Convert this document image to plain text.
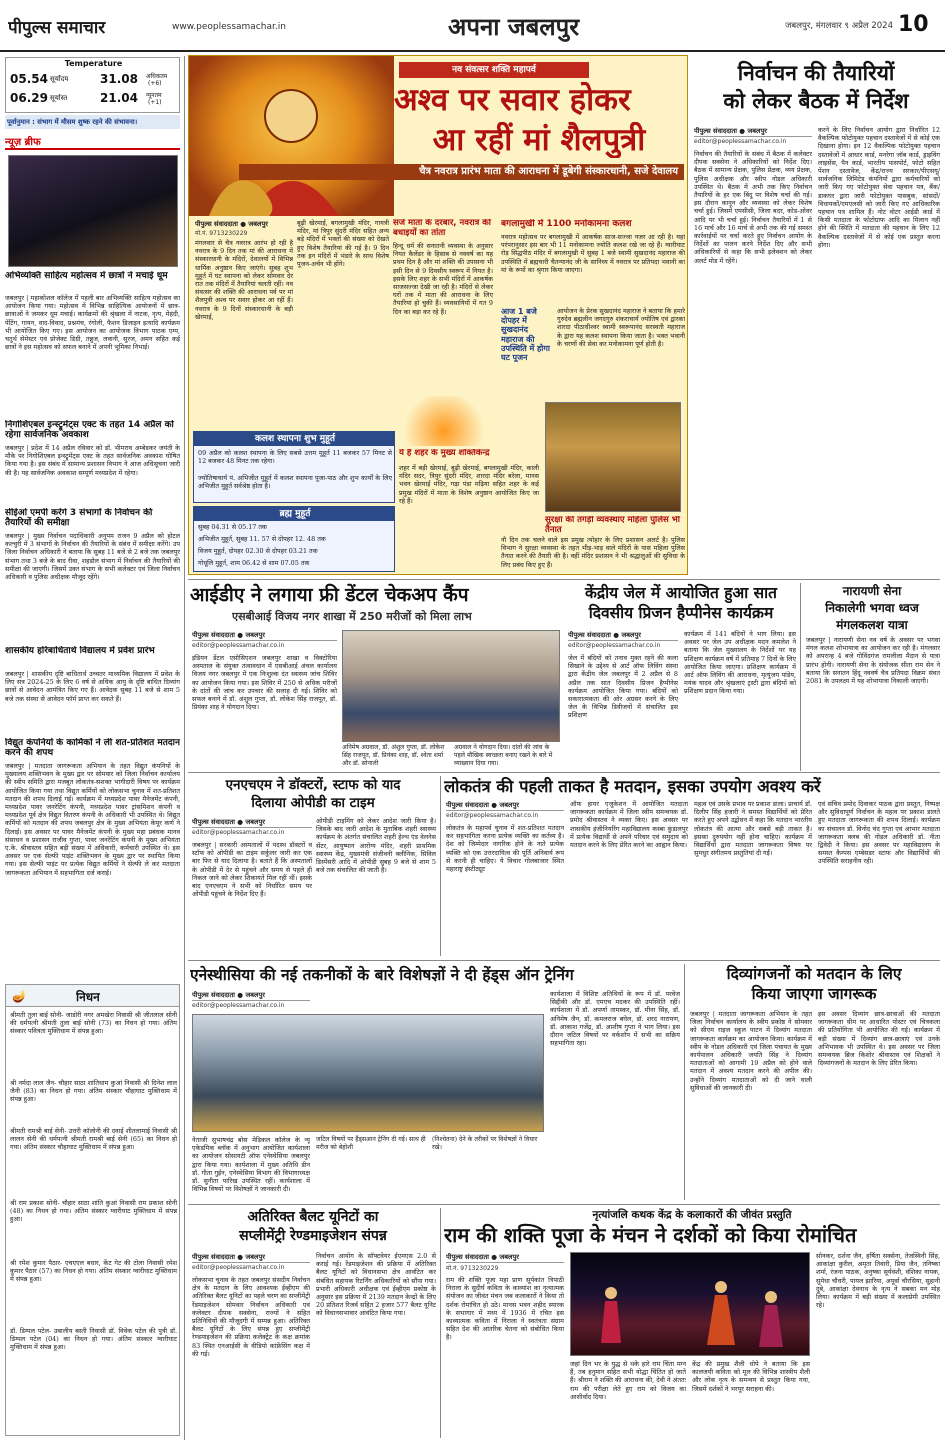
पीपुल्स समाचार	www.peoplessamachar.in	अपना जबलपुर	जबलपुर, मंगलवार ९ अप्रैल 2024 10
Temperature
05.54 सूर्योदय	31.08 अधिकतम
(+6)
06.29 सूर्यास्त	21.04 न्यूनतम
(+1)
पूर्वानुमान : संभाग में मौसम शुष्क रहने की संभावना।
न्यूज़ ब्रीफ
अभिव्यक्ति साहित्य महोत्सव में छात्रों ने मचाई धूम
जबलपुर | महाकोशल कॉलेज में पहली बार अभिव्यक्ति साहित्य महोत्सव का आयोजन किया गया। महोत्सव में विभिन्न साहित्यिक आयोजनों में छात्र-छात्राओं ने जमकर धूम मचाई। कार्यक्रमों की श्रृंखला में नाटक, नृत्य, मेहंदी, पेंटिंग, गायन, वाद-विवाद, प्रश्नमंच, रंगोली, फैशन डिजाइन इत्यादि कार्यक्रम भी आयोजित किए गए। इस आयोजन का आयोजक विभाग पाठक एम्प, चतुर्थ सेमेस्टर एवं प्रोजेक्ट डिग्री, तन्नुज, लवानी, सुरज, अमन सहित कई छात्रों ने इस महोत्सव को सफल बनाने में अपनी भूमिका निभाई।
निगोशिएबल इन्स्ट्रूमेंट्स एक्ट के तहत 14 अप्रैल को रहेगा सार्वजनिक अवकाश
जबलपुर | प्रदेश में 14 अप्रैल रविवार को डॉ. भीमराव अम्बेडकर जयंती के मौके पर निगोशिएबल इन्स्ट्रूमेंट्स एक्ट के तहत सार्वजनिक अवकाश घोषित किया गया है। इस संबंध में सामान्य प्रशासन विभाग ने आज अधिसूचना जारी की है। यह सार्वजनिक अवकाश सम्पूर्ण मध्यप्रदेश में रहेगा।
सीईओ एमपी करेंगे 3 संभागों के निर्वाचन की तैयारियों की समीक्षा
जबलपुर | मुख्य निर्वाचन पदाधिकारी अनुपम राजन 9 अप्रैल को होटल कल्चुरी में 3 संभागों के निर्वाचन की तैयारियों के संबंध में समीक्षा करेंगे। उप जिला निर्वाचन अधिकारी ने बताया कि सुबह 11 बजे से 2 बजे तक जबलपुर संभाग तथा 3 बजे के बाद रीवा, शहडोल संभाग में निर्वाचन की तैयारियों की समीक्षा की जाएगी। जिसमें उक्त संभाग के सभी कलेक्टर एवं जिला निर्वाचन अधिकारी व पुलिस अधीक्षक मौजूद रहेंगे।
शासकीय हरिबाधितार्थ विद्यालय में प्रवेश प्रारंभ
जबलपुर | शासकीय दृष्टि बाधितार्थ उच्चतर माध्यमिक विद्यालय में प्रवेश के लिए सत्र 2024-25 के लिए 6 वर्ष से अधिक आयु के दृष्टि बाधित दिव्यांग छात्रों से आवेदन आमंत्रित किए गए हैं। आवेदक सुबह 11 बजे से शाम 5 बजे तक संस्था से आवेदन फॉर्म प्राप्त कर सकते हैं।
विद्युत कंपनियों के कार्मिकों ने ली शत-प्रतिशत मतदान करने की शपथ
जबलपुर | मतदाता जागरूकता अभियान के तहत विद्युत कंपनियों के मुख्यालय शक्तिभवन के मुख्य द्वार पर सोमवार को जिला निर्वाचन कार्यालय की स्वीप समिति द्वारा मजबूत लोकतंत्र-सशक्त भागीदारी विषय पर कार्यक्रम आयोजित किया गया तथा विद्युत कर्मियों को लोकसभा चुनाव में शत-प्रतिशत मतदान की शपथ दिलाई गई। कार्यक्रम में मध्यप्रदेश पावर मैनेजमेंट कंपनी, मध्यप्रदेश पावर जनरेटिंग कंपनी, मध्यप्रदेश पावर ट्रांसमिशन कंपनी व मध्यप्रदेश पूर्व क्षेत्र विद्युत वितरण कंपनी के अधिकारी भी उपस्थित थे। विद्युत कर्मियों को मतदान की शपथ जबलपुर क्षेत्र के मुख्य अभियंता केयूर कर्ण ने दिलाई। इस अवसर पर पावर मैनेजमेंट कंपनी के मुख्य महा प्रबंधक मानव संसाधन व प्रशासन राजीव गुप्ता, पावर जनरेटिंग कंपनी के मुख्य अभियंता ए.के. श्रीवास्तव सहित बड़ी संख्या में अधिकारी, कर्मचारी उपस्थित थे। इस अवसर पर एक सेल्फी पाइंट शक्तिभवन के मुख्य द्वार पर स्थापित किया गया। इस सेल्फी पाइंट पर प्रत्येक विद्युत कर्मियों ने सेल्फी ले कर मतदाता जागरूकता अभियान में सहभागिता दर्ज कराई।
🪔	निधन
श्रीमती तुला बाई सोनी- जाडोरी नगर अमखेरा निवासी श्री जीतलाल सोनी की धर्मपत्नी श्रीमती तुला बाई सोनी (73) का निधन हो गया। अंतिम संस्कार पवित्रता मुक्तिधाम में संपन्न हुआ।
श्री नर्मदा लाल जैन- चौहार साठा शांतिधाम कुआं निवासी श्री दिनेश लाल जैनी (83) का निधन हो गया। अंतिम संस्कार चौहाघाट मुक्तिधाम में संपन्न हुआ।
श्रीमती रामश्री बाई सेनी- उत्तरी कॉलोनी की दवाई शीतलामाई निवासी श्री लालन सेनी की धर्मपत्नी श्रीमती रामश्री बाई सेनी (65) का निधन हो गया। अंतिम संस्कार चौहाघाट मुक्तिधाम में संपन्न हुआ।
श्री राम प्रकाश सोनी- चौहार साठा शांति कुआं निवासी राम प्रकाश सोनी (48) का निधन हो गया। अंतिम संस्कार ग्वारीघाट मुक्तिधाम में संपन्न हुआ।
श्री रमेश कुमार पैठार- एचएएल बधार, केंट गेट की टोला निवासी रमेश कुमार पैठार (57) का निधन हो गया। अंतिम संस्कार ग्वारीघाट मुक्तिधाम में संपन्न हुआ।
डॉ. डिम्पल पटेल- उबालीय बस्ती निवासी डॉ. विवेक पटेल की पुत्री डॉ. डिम्पल पटेल (04) का निधन हो गया। अंतिम संस्कार ग्वारीघाट मुक्तिधाम में संपन्न हुआ।
नव संवत्सर शक्ति महापर्व
अश्व पर सवार होकर
आ रहीं मां शैलपुत्री
चैत्र नवरात्र प्रारंभ माता की आराधना में डूबेगी संस्कारधानी, सजे देवालय
पीपुल्स संवाददाता ● जबलपुर
मो.नं. 9713230229
मंगलवार से चैत्र नवरात्र आरंभ हो रही है नवरात्र के 9 दिन तक मां की आराधना में संस्कारधानी के मंदिरों, देवालयों में विभिन्न धार्मिक अनुष्ठान किए जाएंगे। सुबह शुभ मुहूर्त में घट स्थापना को लेकर सोमवार देर रात तक मंदिरों में तैयारियां चलती रहीं। नव संवत्सर की शक्ति की आराधना पर्व पर मां शैलपुत्री अश्व पर सवार होकर आ रहीं हैं। नवरात्र के 9 दिनों संस्कारधानी के बड़ी खेरमाई,
बूढ़ी खेरमाई, बगलामुखी मंदिर, गायत्री मंदिर, मां त्रिपुर सुंदरी मंदिर सहित अन्य बड़े मंदिरों में भक्तों की संख्या को देखते हुए विशेष तैयारियां की गई है। 9 दिन तक इन मंदिरों में भंडारे के साथ विशेष पूजन-अर्चन भी होंगे।
सजे माता के दरबार, नवरात्र की बधाइयों का तांता
हिन्दू धर्म की सनातनी व्यवस्था के अनुसार नियत कैलेंडर के हिसाब से नववर्ष का यह प्रथम दिन है और मां शक्ति की उपासना भी इसी दिन से 9 दिवसीय स्वरूप में नियत है। इसके लिए शहर के सभी मंदिरों में आकर्षक साजसज्जा देखी जा रही है। मंदिरों से लेकर घरों तक में माता की आराधना के लिए तैयारियां हो चुकी हैं। व्यवसायियों में गत 9 दिन का बड़ा कर रहे हैं।
कलश स्थापना शुभ मुहूर्त
09 अप्रैल को कलश स्थापना के लिए सबसे उत्तम मुहूर्त 11 बजकर 57 मिनट से 12 बजकर 48 मिनट तक रहेगा।
ज्योतिषाचार्य पं. अभिजीत मुहूर्त में कलश स्थापना पूजा-पाठ और शुभ कार्यों के लिए अभिजीत मुहूर्त सर्वश्रेष्ठ होता है।
ब्रह्म मुहूर्त
सुबह 04.31 से 05.17 तक
अभिजीत मुहूर्त, सुबह 11. 57 से दोपहर 12. 48 तक
विजय मुहूर्त, दोपहर 02.30 से दोपहर 03.21 तक
गोधूलि मुहूर्त, शाम 06.42 से शाम 07.05 तक
ये है शहर के मुख्य शक्तिकेन्द्र
शहर में बड़ी खेरमाई, बूढ़ी खेरमाई, बगलामुखी मंदिर, काली मंदिर सदर, त्रिपुर सुंदरी मंदिर, शारदा मंदिर बरेला, मानस भवन खेरमाई मंदिर, गढ़ा पंडा मढ़िया सहित शहर के कई प्रमुख मंदिरों में माता के विशेष अनुष्ठान आयोजित किए जा रहे हैं।
बगलामुखी में 1100 मनोकामना कलश
नवरात्र महोत्सव पर बगलामुखी में आकर्षक साज-सज्जा नजर आ रही है। यहां परंपरानुसार इस बार भी 11 मनोकामना ज्योति कलश रखे जा रहे हैं। ग्वारीघाट रोड़ सिद्धपीठ मंदिर में बगलामुखी में सुबह 1 बजे स्वामी सुखदानंद महाराज की उपस्थिति में ब्रह्मचारी चैतन्यानंद जी के सानिध्य में नवरात्र पर प्रतिपदा भवानी का मां के रूपों का श्रृंगार किया जाएगा।
आज 1 बजे दोपहर में सुखदानंद महाराज की उपस्थिति में होगा घट पूजन
आयोजन के प्रेरक सुखदानंद महाराज ने बताया कि हमारे गुरुदेव ब्रह्मलीन जगदगुरु शंकराचार्य ज्योतिष एवं द्वारका शारदा पीठाधीश्वर स्वामी स्वरूपानंद सरस्वती महाराज के द्वारा यह कलश स्थापना किया जाता है। भक्त भवानी के चरणों की सेवा कर मनोकामना पूर्ण होती है।
सुरक्षा की तगड़ी व्यवस्थाएं महिला पुलिस भी तैनात
नौ दिन तक चलने वाले इस प्रमुख त्योहार के लिए प्रशासन अलर्ट है। पुलिस विभाग ने सुरक्षा व्यवस्था के तहत भीड़-भाड़ वाले मंदिरों के पास महिला पुलिस तैनात करने की तैयारी की है। वहीं मंदिर प्रशासन ने भी श्रद्धालुओं की सुविधा के लिए प्रबंध किए हुए हैं।
निर्वाचन की तैयारियों
को लेकर बैठक में निर्देश
पीपुल्स संवाददाता ● जबलपुर
editor@peoplessamachar.co.in
निर्वाचन की तैयारियों के संबंध में बैठक में कलेक्टर दीपक सक्सेना ने अधिकारियों को निर्देश दिए। बैठक में सामान्य प्रेक्षक, पुलिस प्रेक्षक, व्यय प्रेक्षक, पुलिस अधीक्षक और स्वीप नोडल अधिकारी उपस्थित थे। बैठक में अभी तक किए निर्वाचन तैयारियों के हर एक बिंदु पर विशेष चर्चा की गई। इस दौरान कानून और व्यवस्था को लेकर विशेष चर्चा हुई। जिसमें एमसीसी, जिला बदर, कोड-ओवर आदि पर भी चर्चा हुई। निर्वाचन तैयारियों में 1 से 16 मार्च और 16 मार्च से अभी तक की गई समस्त कार्रवाईयों पर चर्चा करते हुए निर्वाचन आयोग के निर्देशों का पालन करने निर्देश दिए और सभी अधिकारियों से कहा कि सभी इलेक्शन को लेकर अलर्ट मोड में रहेंगे।
करने के लिए निर्वाचन आयोग द्वारा निर्धारित 12 वैकल्पिक फोटोयुक्त पहचान दस्तावेजों में से कोई एक दिखाना होगा। इन 12 वैकल्पिक फोटोयुक्त पहचान दस्तावेजों में आधार कार्ड, मनरेगा जॉब कार्ड, ड्राइविंग लाइसेंस, पैन कार्ड, भारतीय पासपोर्ट, फोटो सहित पेंशन दस्तावेज, केंद्र/राज्य सरकार/पीएसयू/सार्वजनिक लिमिटेड कंपनियों द्वारा कर्मचारियों को जारी किए गए फोटोयुक्त सेवा पहचान पत्र, बैंक/डाकघर द्वारा जारी फोटोयुक्त पासबुक, सांसदों/विधायकों/एमएलसी को जारी किए गए आधिकारिक पहचान पत्र शामिल हैं। नोट वोटर आईडी कार्ड में किसी मतदाता के फोटोग्राफ आदि का मिलान नहीं होने की स्थिति में मतदाता की पहचान के लिए 12 वैकल्पिक दस्तावेजों में से कोई एक प्रस्तुत करना होगा।
आईडीए ने लगाया फ्री डेंटल चेकअप कैंप
एसबीआई विजय नगर शाखा में 250 मरीजों को मिला लाभ
पीपुल्स संवाददाता ● जबलपुर
editor@peoplessamachar.co.in
इंडियन डेंटल एसोसिएशन जबलपुर शाखा व विक्टोरिया अस्पताल के संयुक्त तत्वावधान में एसबीआई अंचल कार्यालय विजय नगर जबलपुर में एक निःशुल्क दंत स्वास्थ्य जांच शिविर का आयोजन किया गया। इस शिविर में 250 से अधिक मरीजों के दांतों की जांच कर उपचार की सलाह दी गई। शिविर को सफल बनाने में डॉ. अंशुल गुप्ता, डॉ. लोकेश सिंह राजपूत, डॉ. प्रियंका शाह ने योगदान दिया।
अनिमेष अग्रवाल, डॉ. अंशुल गुप्ता, डॉ. लोकेश सिंह राजपूत, डॉ. प्रियंका शाह, डॉ. श्वेता शर्मा और डॉ. सोनाली
अग्रवाल ने योगदान दिया। दांतों की जांच के पहले मौखिक स्वच्छता बनाए रखने के बारे में व्याख्यान दिया गया।
केंद्रीय जेल में आयोजित हुआ सात
दिवसीय प्रिजन हैप्पीनेस कार्यक्रम
पीपुल्स संवाददाता ● जबलपुर
editor@peoplessamachar.co.in
जेल में बंदियों को तनाव मुक्त रहने की कला सिखाने के उद्देश्य से आर्ट ऑफ लिविंग संस्था द्वारा केंद्रीय जेल जबलपुर में 2 अप्रैल से 8 अप्रैल तक सात दिवसीय प्रिजन हैप्पीनेस कार्यक्रम आयोजित किया गया। बंदियों को सकारात्मकता की ओर अग्रसर करने के लिए जेल के विभिन्न डिवीजनों में संचालित इस प्रशिक्षण
कार्यक्रम में 141 बंदियों ने भाग लिया। इस अवसर पर जेल उप अधीक्षक मदन कमलेश ने बताया कि जेल मुख्यालय के निर्देशों पर यह प्रशिक्षण कार्यक्रम वर्ष में प्रतिमाह 7 दिनों के लिए आयोजित किया जाएगा। प्रशिक्षण कार्यक्रम में आर्ट ऑफ लिविंग की आराधना, मृत्युंजय पांडेय, मयंक यादव और श्रृंखलाएं ट्रस्टी द्वारा बंदियों को प्रशिक्षण प्रदान किया गया।
नारायणी सेना
निकालेगी भगवा ध्वज
मंगलकलश यात्रा
जबलपुर | नारायणी सेना नव वर्ष के अवसर पर भगवा मंगल कलश शोभायात्रा का आयोजन कर रही है। मंगलवार को अपरान्ह 4 बजे गोविंदगंज रामलीला मैदान से यात्रा प्रारंभ होगी। नारायणी सेना के संयोजक सीता राम सेन ने बताया कि सनातन हिंदू नववर्ष चैत्र प्रतिपदा विक्रम संवत 2081 के उपलक्ष्य में यह शोभायात्रा निकाली जाएगी।
एनएचएम ने डॉक्टरों, स्टाफ को याद
दिलाया ओपीडी का टाइम
पीपुल्स संवाददाता ● जबलपुर
editor@peoplessamachar.co.in
जबलपुर | सरकारी अस्पतालों में पदस्थ डॉक्टरों व स्टॉफ को ओपीडी का टाइम सर्कुलर जारी कर एक बार फिर से याद दिलाया है। बताते हैं कि अस्पतालों के ओपीडी में देर से पहुंचने और समय से पहले ही निकल जाने को लेकर शिकायतें मिल रहीं थीं। इसके बाद एनएचएम ने सभी को निर्धारित समय पर ओपीडी पहुंचने के निर्देश दिए हैं।
ओपीडी टाइमिंग को लेकर आदेश जारी किया है। जिसके बाद जारी आदेश के मुताबिक शहरी स्वास्थ्य कार्यक्रम के अंतर्गत संचालित शहरी हेल्थ एंड वेलनेस सेंटर, आयुष्मान आरोग्य मंदिर, शहरी प्राथमिक स्वास्थ्य केंद्र, मुख्यमंत्री संजीवनी क्लीनिक, सिविल डिस्पेंसरी आदि में ओपीडी सुबह 9 बजे से शाम 5 बजे तक संचालित की जाती है।
लोकतंत्र की पहली ताकत है मतदान, इसका उपयोग अवश्य करें
पीपुल्स संवाददाता ● जबलपुर
editor@peoplessamachar.co.in
लोकतंत्र के महापर्व चुनाव में शत-प्रतिशत मतदान कर सहभागिता करना प्रत्येक व्यक्ति का कर्तव्य है। देश को जिम्मेदार नागरिक होने के नाते प्रत्येक व्यक्ति को एक उत्तरदायित्व की पूर्ति अनिवार्य रूप से करनी ही चाहिए। ये विचार गोलबाजार स्थित महाराष्ट्र इंस्टीट्यूट
ऑफ हायर एजुकेशन में आयोजित मतदाता जागरूकता कार्यक्रम में जिला स्वीप समन्वयक डॉ. प्रमोद श्रीवास्तव ने व्यक्त किए। इस अवसर पर शासकीय इंजीनियरिंग महाविद्यालय कस्बा कुंडालपुर में प्रत्येक विद्यार्थी से अपने परिवार एवं समुदाय को मतदान करने के लिए प्रेरित करने का आह्वान किया।
महत्व एवं उसके प्रभाव पर प्रकाश डाला। प्राचार्य डॉ. दिलीप सिंह हजारी ने समस्त विद्यार्थियों को प्रेरित करते हुए अपने उद्बोधन में कहा कि मतदान भारतीय लोकतंत्र की आत्मा और सबसे बड़ी ताकत है। इसका दुरुपयोग नहीं होना चाहिए। कार्यक्रम में विद्यार्थियों द्वारा मतदाता जागरूकता विषय पर सुमधुर संगीतमय प्रस्तुतियां दी गईं।
एवं संचिव प्रमोद दिवाकर पाठक द्वारा प्रस्तुत, निष्पक्ष और सुविधापूर्ण निर्वाचन के महत्व पर प्रकाश डालते हुए मतदाता जागरूकता की शपथ दिलाई। कार्यक्रम का संचालन डॉ. विनोद चंद गुप्ता एवं आभार मतदाता जागरूकता क्लब की नोडल अधिकारी डॉ. नीता द्विवेदी ने किया। इस अवसर पर महाविद्यालय के समस्त कैम्पस एम्बेसडर स्टाफ और विद्यार्थियों की उपस्थिति सराहनीय रही।
एनेस्थीसिया की नई तकनीकों के बारे विशेषज्ञों ने दी हेंड्स ऑन ट्रेनिंग
पीपुल्स संवाददाता ● जबलपुर
editor@peoplessamachar.co.in
नेताजी सुभाषचंद्र बोस मेडिकल कॉलेज के न्यू एकेडमिक ब्लॉक में अनुभाग आयोजित कार्यशाला का आयोजन सोसायटी ऑफ एनेस्थेसिया जबलपुर द्वारा किया गया। कार्यशाला में मुख्य अतिथि डीन डॉ. गीता गुईन, एनेस्थेसिया विभाग की विभागाध्यक्ष डॉ. सुनीता पारिख उपस्थित रहीं। कार्यशाला में विभिन्न विषयों पर विशेषज्ञों ने जानकारी दी।
जटिल विषयों पर हैंड्सआन ट्रेनिंग दी गई। साथ ही मरीज को बेहोशी
(निश्चेतना) देने के तरीकों पर विशेषज्ञों ने विचार रखे।
कार्यशाला में विशिष्ट अतिथियों के रूप में डॉ. परवेज सिद्दीकी और डॉ. एमएच मदकर की उपस्थिति रहीं। कार्यशाला में डॉ. अपर्णा तामस्कर, डॉ. मीना सिंह, डॉ. अनिमेष जैन, डॉ. कमलराज बघेल, डॉ. शरद नारायण, डॉ. आकाश गजेंद्र, डॉ. आशीष गुप्ता ने भाग लिया। इस दौरान जटिल विषयों पर वर्कशॉप में सभी का सक्रिय सहभागिता रहा।
दिव्यांगजनों को मतदान के लिए
किया जाएगा जागरूक
जबलपुर | मतदाता जागरूकता अभियान के तहत जिला निर्वाचन कार्यालय के स्वीप प्रकोष्ठ ने सोमवार को सीएम राइज स्कूल पाटन में दिव्यांग मतदाता जागरूकता कार्यक्रम का आयोजन किया। कार्यक्रम में स्वीप के नोडल अधिकारी एवं जिला पंचायत के मुख्य कार्यपालन अधिकारी जयति सिंह ने दिव्यांग मतदाताओं को आगामी 19 अप्रैल को होने वाले मतदान में अवश्य मतदान करने की अपील की। उन्होंने दिव्यांग मतदाताओं को दी जाने वाली सुविधाओं की जानकारी दी।
इस अवसर दिव्यांग छात्र-छात्राओं की मतदाता जागरूकता थीम पर आधारित पोस्टर एवं चित्रकला की प्रतियोगिता भी आयोजित की गई। कार्यक्रम में बड़ी संख्या में दिव्यांग छात्र-छात्राएं एवं उनके अभिभावक भी उपस्थित थे। इस अवसर पर जिला समन्वयक ब्रिज किशोर श्रीवास्तव एवं शिक्षकों ने दिव्यांगजनों के मतदान के लिए प्रेरित किया।
अतिरिक्त बैलट यूनिटों का
सप्लीमेंट्री रेण्डमाइजेशन संपन्न
पीपुल्स संवाददाता ● जबलपुर
editor@peoplessamachar.co.in
लोकसभा चुनाव के तहत जबलपुर संसदीय निर्वाचन क्षेत्र के मतदान के लिए आवश्यक ईव्हीएम की अतिरिक्त बैलट यूनिटों का पहले चरण का सप्लीमेंट्री रेंडमाइजेशन सोमवार निर्वाचन अधिकारी एवं कलेक्टर दीपक सक्सेना, राज्यों ने सहित प्रतिनिधियों की मौजूदगी में सम्पन्न हुआ। अतिरिक्त बैलट यूनिटों के लिए संपन्न हुए सप्लीमेंट्री रेण्डमाइजेशन की प्रक्रिया कलेक्ट्रेट के कक्ष क्रमांक 83 स्थित एनआईसी के वीडियो कांफ्रेंसिंग कक्ष में की गई।
निर्वाचन आयोग के सॉफ्टवेयर ईएमएस 2.0 से कराई गई। रेंडमाइजेशन की प्रक्रिया में अतिरिक्त बैलट यूनिटों को विधानसभा क्षेत्र आवंटित कर संबंधित सहायक रिटर्निंग अधिकारियों को सौंपा गया। प्रभारी अधिकारी अधीक्षक एवं ईव्हीएम प्रकोष्ठ के अनुसार इस प्रक्रिया में 2139 मतदान केन्द्रों के लिए 20 प्रतिशत रिजर्व सहित 2 हजार 577 बैलट यूनिट को विधानसभावार आवंटित किया गया।
नृत्यांजलि कथक केंद्र के कलाकारों की जीवंत प्रस्तुति
राम की शक्ति पूजा के मंचन ने दर्शकों को किया रोमांचित
पीपुल्स संवाददाता ● जबलपुर
मो.नं. 9713230229
राम की शक्ति पूजा महा प्राण सूर्यकांत त्रिपाठी निराला के सुदीर्घ कविता के काव्यांश का नृत्यात्मक संयोजन का जीवंत मंचन जब कलाकारों ने किया तो दर्शक रोमांचित हो उठे। मानस भवन शहीद स्मारक के सभागार में मध्य में 1936 में रचित इस काव्यात्मक कविता में निराला ने स्वतंत्रता संग्राम सहित देश की आंतरिक चेतना को संबोधित किया है।
जहां दिन भर के युद्ध से थके हारे राम चिंता मग्न हैं, तब हनुमान सहित सभी योद्धा चिंतित हो जाते हैं। श्रीराम ने शक्ति की आराधना की, देवी ने अंततः राम की परीक्षा लेते हुए राम को विजय का आशीर्वाद दिया।
केंद्र की प्रमुख शैली धोपे ने बताया कि इस कालजयी कविता को मूल की विभिन्न शास्त्रीय शैली और लोक नृत्य के समन्वय से प्रस्तुत किया गया, जिसमें दर्शकों ने भरपूर सराहना की।
सोनकर, दर्शना जैन, हर्षिता सक्सेना, तेजस्विनी सिंह, आकांक्षा कुरील, अमृता तिवारी, प्रिया जैन, तनिष्का शर्मा, रंजना पाठक, अनुष्का सूर्यवंशी, वंशिका नायक, सुमेधा चौधरी, पायल झारिया, अपूर्वा चौरसिया, सुहानी दुबे, आकांक्षा देवनाथ के नृत्य ने सबका मन मोह लिया। कार्यक्रम में बड़ी संख्या में कलाप्रेमी उपस्थित रहे।
